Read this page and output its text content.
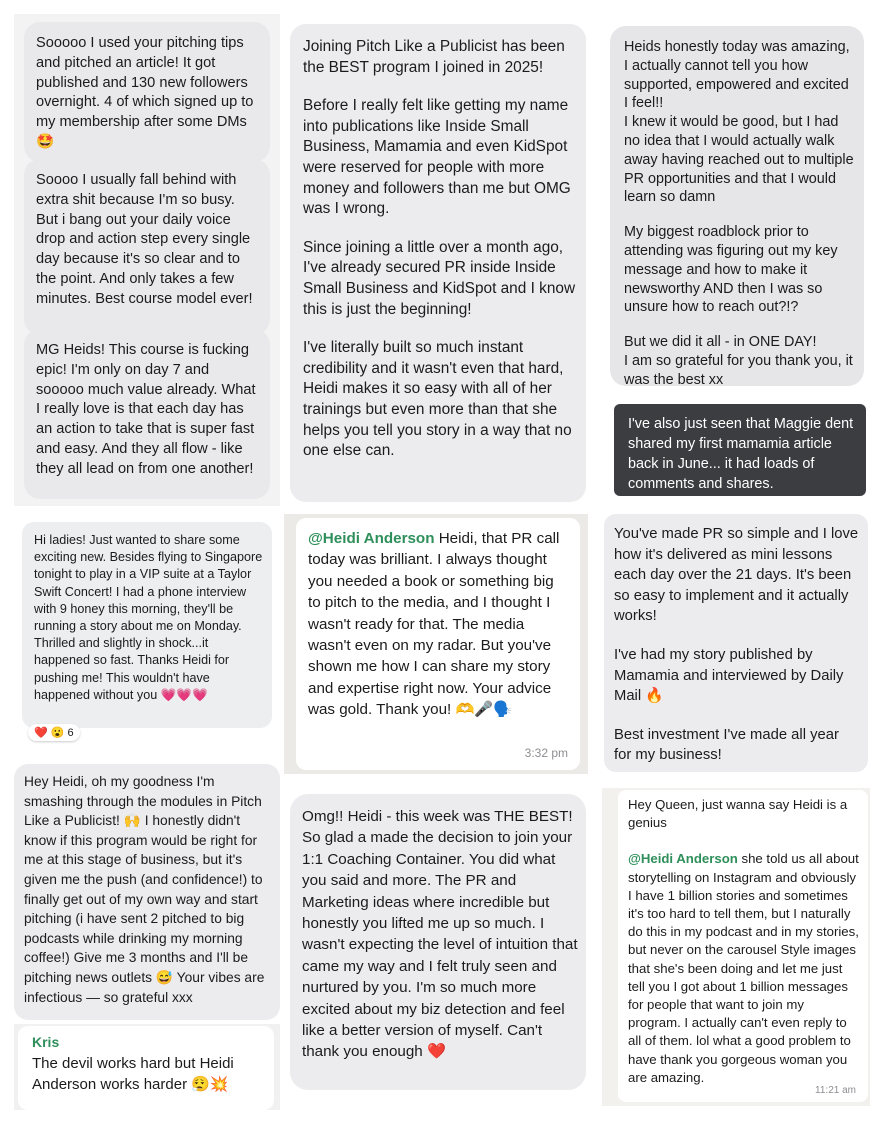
Sooooo I used your pitching tips and pitched an article! It got published and 130 new followers overnight. 4 of which signed up to my membership after some DMs🤩

Soooo I usually fall behind with extra shit because I'm so busy. But i bang out your daily voice drop and action step every single day because it's so clear and to the point. And only takes a few minutes. Best course model ever!

MG Heids! This course is fucking epic! I'm only on day 7 and sooooo much value already. What I really love is that each day has an action to take that is super fast and easy. And they all flow - like they all lead on from one another!

Joining Pitch Like a Publicist has been the BEST program I joined in 2025!

Before I really felt like getting my name into publications like Inside Small Business, Mamamia and even KidSpot were reserved for people with more money and followers than me but OMG was I wrong.

Since joining a little over a month ago, I've already secured PR inside Inside Small Business and KidSpot and I know this is just the beginning!

I've literally built so much instant credibility and it wasn't even that hard, Heidi makes it so easy with all of her trainings but even more than that she helps you tell you story in a way that no one else can.

Heids honestly today was amazing, I actually cannot tell you how supported, empowered and excited I feel!!
I knew it would be good, but I had no idea that I would actually walk away having reached out to multiple PR opportunities and that I would learn so damn

My biggest roadblock prior to attending was figuring out my key message and how to make it newsworthy AND then I was so unsure how to reach out?!?

But we did it all - in ONE DAY!
I am so grateful for you thank you, it was the best xx

I've also just seen that Maggie dent shared my first mamamia article back in June... it had loads of comments and shares.

Hi ladies! Just wanted to share some exciting new. Besides flying to Singapore tonight to play in a VIP suite at a Taylor Swift Concert! I had a phone interview with 9 honey this morning, they'll be running a story about me on Monday. Thrilled and slightly in shock...it happened so fast. Thanks Heidi for pushing me! This wouldn't have happened without you 💗💗💗

❤️ 😮 6

@Heidi Anderson Heidi, that PR call today was brilliant. I always thought you needed a book or something big to pitch to the media, and I thought I wasn't ready for that. The media wasn't even on my radar. But you've shown me how I can share my story and expertise right now. Your advice was gold. Thank you! 🫶🎤🗣️

3:32 pm

You've made PR so simple and I love how it's delivered as mini lessons each day over the 21 days. It's been so easy to implement and it actually works!

I've had my story published by Mamamia and interviewed by Daily Mail 🔥

Best investment I've made all year for my business!

Hey Heidi, oh my goodness I'm smashing through the modules in Pitch Like a Publicist! 🙌 I honestly didn't know if this program would be right for me at this stage of business, but it's given me the push (and confidence!) to finally get out of my own way and start pitching (i have sent 2 pitched to big podcasts while drinking my morning coffee!) Give me 3 months and I'll be pitching news outlets 😅 Your vibes are infectious — so grateful xxx

Kris

The devil works hard but Heidi Anderson works harder 😮‍💨💥

Omg!! Heidi - this week was THE BEST! So glad a made the decision to join your 1:1 Coaching Container. You did what you said and more. The PR and Marketing ideas where incredible but honestly you lifted me up so much. I wasn't expecting the level of intuition that came my way and I felt truly seen and nurtured by you. I'm so much more excited about my biz detection and feel like a better version of myself. Can't thank you enough ❤️

Hey Queen, just wanna say Heidi is a genius

@Heidi Anderson she told us all about storytelling on Instagram and obviously I have 1 billion stories and sometimes it's too hard to tell them, but I naturally do this in my podcast and in my stories, but never on the carousel Style images that she's been doing and let me just tell you I got about 1 billion messages for people that want to join my program. I actually can't even reply to all of them. lol what a good problem to have thank you gorgeous woman you are amazing.

11:21 am
